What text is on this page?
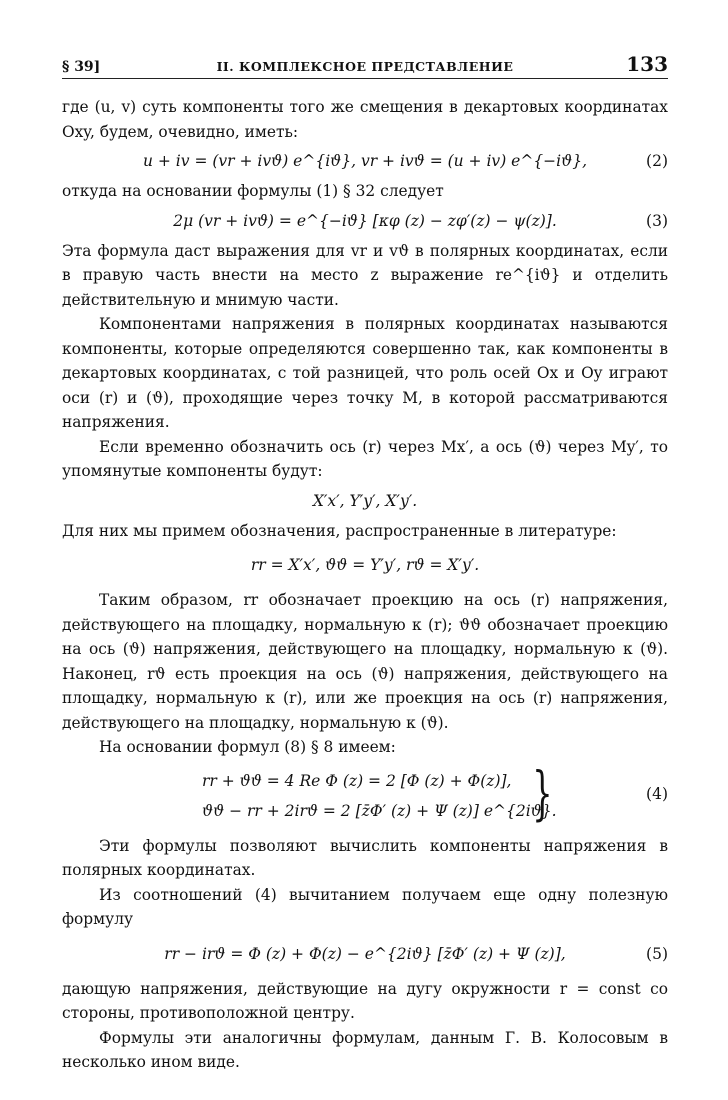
§ 39]	II. КОМПЛЕКСНОЕ ПРЕДСТАВЛЕНИЕ	133

где (u, v) суть компоненты того же смещения в декартовых координатах Oxy, будем, очевидно, иметь:

u + iv = (vr + ivϑ) e^{iϑ}, vr + ivϑ = (u + iv) e^{−iϑ},	(2)

откуда на основании формулы (1) § 32 следует

2μ (vr + ivϑ) = e^{−iϑ} [κφ (z) − zφ′(z) − ψ(z)].	(3)

Эта формула даст выражения для vr и vϑ в полярных координатах, если в правую часть внести на место z выражение re^{iϑ} и отделить действительную и мнимую части.

Компонентами напряжения в полярных координатах называются компоненты, которые определяются совершенно так, как компоненты в декартовых координатах, с той разницей, что роль осей Ox и Oy играют оси (r) и (ϑ), проходящие через точку M, в которой рассматриваются напряжения.

Если временно обозначить ось (r) через Mx′, а ось (ϑ) через My′, то упомянутые компоненты будут:

X′x′, Y′y′, X′y′.

Для них мы примем обозначения, распространенные в литературе:

rr = X′x′, ϑϑ = Y′y′, rϑ = X′y′.

Таким образом, rr обозначает проекцию на ось (r) напряжения, действующего на площадку, нормальную к (r); ϑϑ обозначает проекцию на ось (ϑ) напряжения, действующего на площадку, нормальную к (ϑ). Наконец, rϑ есть проекция на ось (ϑ) напряжения, действующего на площадку, нормальную к (r), или же проекция на ось (r) напряжения, действующего на площадку, нормальную к (ϑ).

На основании формул (8) § 8 имеем:

rr + ϑϑ = 4 Re Φ (z) = 2 [Φ (z) + Φ(z)],
ϑϑ − rr + 2irϑ = 2 [z̄Φ′ (z) + Ψ (z)] e^{2iϑ}.
}	(4)

Эти формулы позволяют вычислить компоненты напряжения в полярных координатах.

Из соотношений (4) вычитанием получаем еще одну полезную формулу

rr − irϑ = Φ (z) + Φ(z) − e^{2iϑ} [z̄Φ′ (z) + Ψ (z)],	(5)

дающую напряжения, действующие на дугу окружности r = const со стороны, противоположной центру.

Формулы эти аналогичны формулам, данным Г. В. Колосовым в несколько ином виде.
